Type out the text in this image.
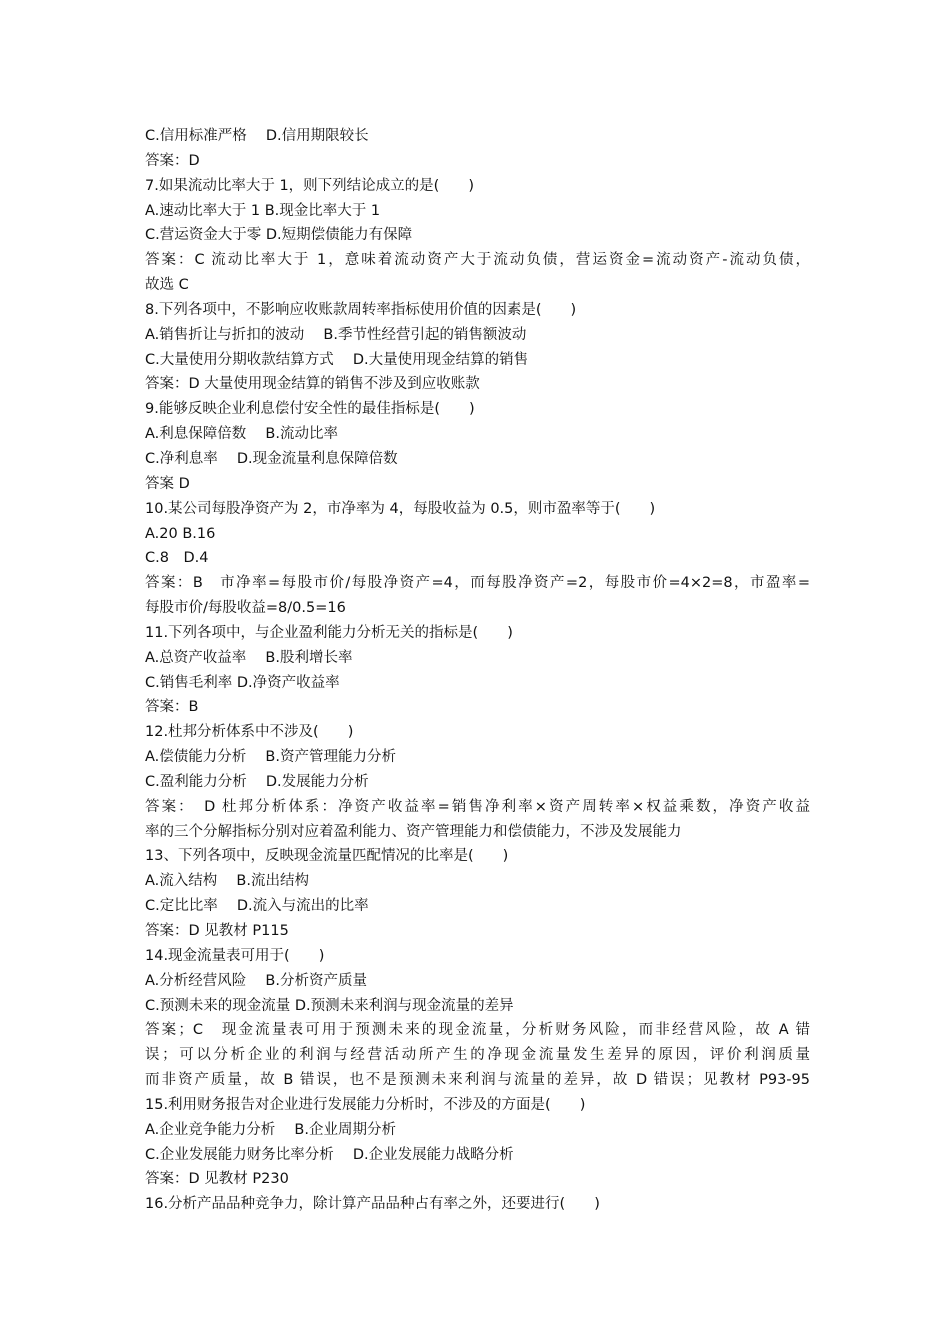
C.信用标准严格　 D.信用期限较长
答案：D
7.如果流动比率大于 1，则下列结论成立的是(　　)
A.速动比率大于 1 B.现金比率大于 1
C.营运资金大于零 D.短期偿债能力有保障
答案：C 流动比率大于 1，意味着流动资产大于流动负债，营运资金=流动资产-流动负债，
故选 C
8.下列各项中，不影响应收账款周转率指标使用价值的因素是(　　)
A.销售折让与折扣的波动　 B.季节性经营引起的销售额波动
C.大量使用分期收款结算方式　 D.大量使用现金结算的销售
答案：D 大量使用现金结算的销售不涉及到应收账款
9.能够反映企业利息偿付安全性的最佳指标是(　　)
A.利息保障倍数　 B.流动比率
C.净利息率　 D.现金流量利息保障倍数
答案 D
10.某公司每股净资产为 2，市净率为 4，每股收益为 0.5，则市盈率等于(　　)
A.20 B.16
C.8　D.4
答案：B　市净率=每股市价/每股净资产=4，而每股净资产=2，每股市价=4×2=8，市盈率=
每股市价/每股收益=8/0.5=16
11.下列各项中，与企业盈利能力分析无关的指标是(　　)
A.总资产收益率　 B.股利增长率
C.销售毛利率 D.净资产收益率
答案：B
12.杜邦分析体系中不涉及(　　)
A.偿债能力分析　 B.资产管理能力分析
C.盈利能力分析　 D.发展能力分析
答案：　D 杜邦分析体系：净资产收益率=销售净利率×资产周转率×权益乘数，净资产收益
率的三个分解指标分别对应着盈利能力、资产管理能力和偿债能力，不涉及发展能力
13、下列各项中，反映现金流量匹配情况的比率是(　　)
A.流入结构　 B.流出结构
C.定比比率　 D.流入与流出的比率
答案：D 见教材 P115
14.现金流量表可用于(　　)
A.分析经营风险　 B.分析资产质量
C.预测未来的现金流量 D.预测未来利润与现金流量的差异
答案；C　现金流量表可用于预测未来的现金流量，分析财务风险，而非经营风险，故 A 错
误；可以分析企业的利润与经营活动所产生的净现金流量发生差异的原因，评价利润质量
而非资产质量，故 B 错误，也不是预测未来利润与流量的差异，故 D 错误；见教材 P93-95
15.利用财务报告对企业进行发展能力分析时，不涉及的方面是(　　)
A.企业竞争能力分析　 B.企业周期分析
C.企业发展能力财务比率分析　 D.企业发展能力战略分析
答案：D 见教材 P230
16.分析产品品种竞争力，除计算产品品种占有率之外，还要进行(　　)
